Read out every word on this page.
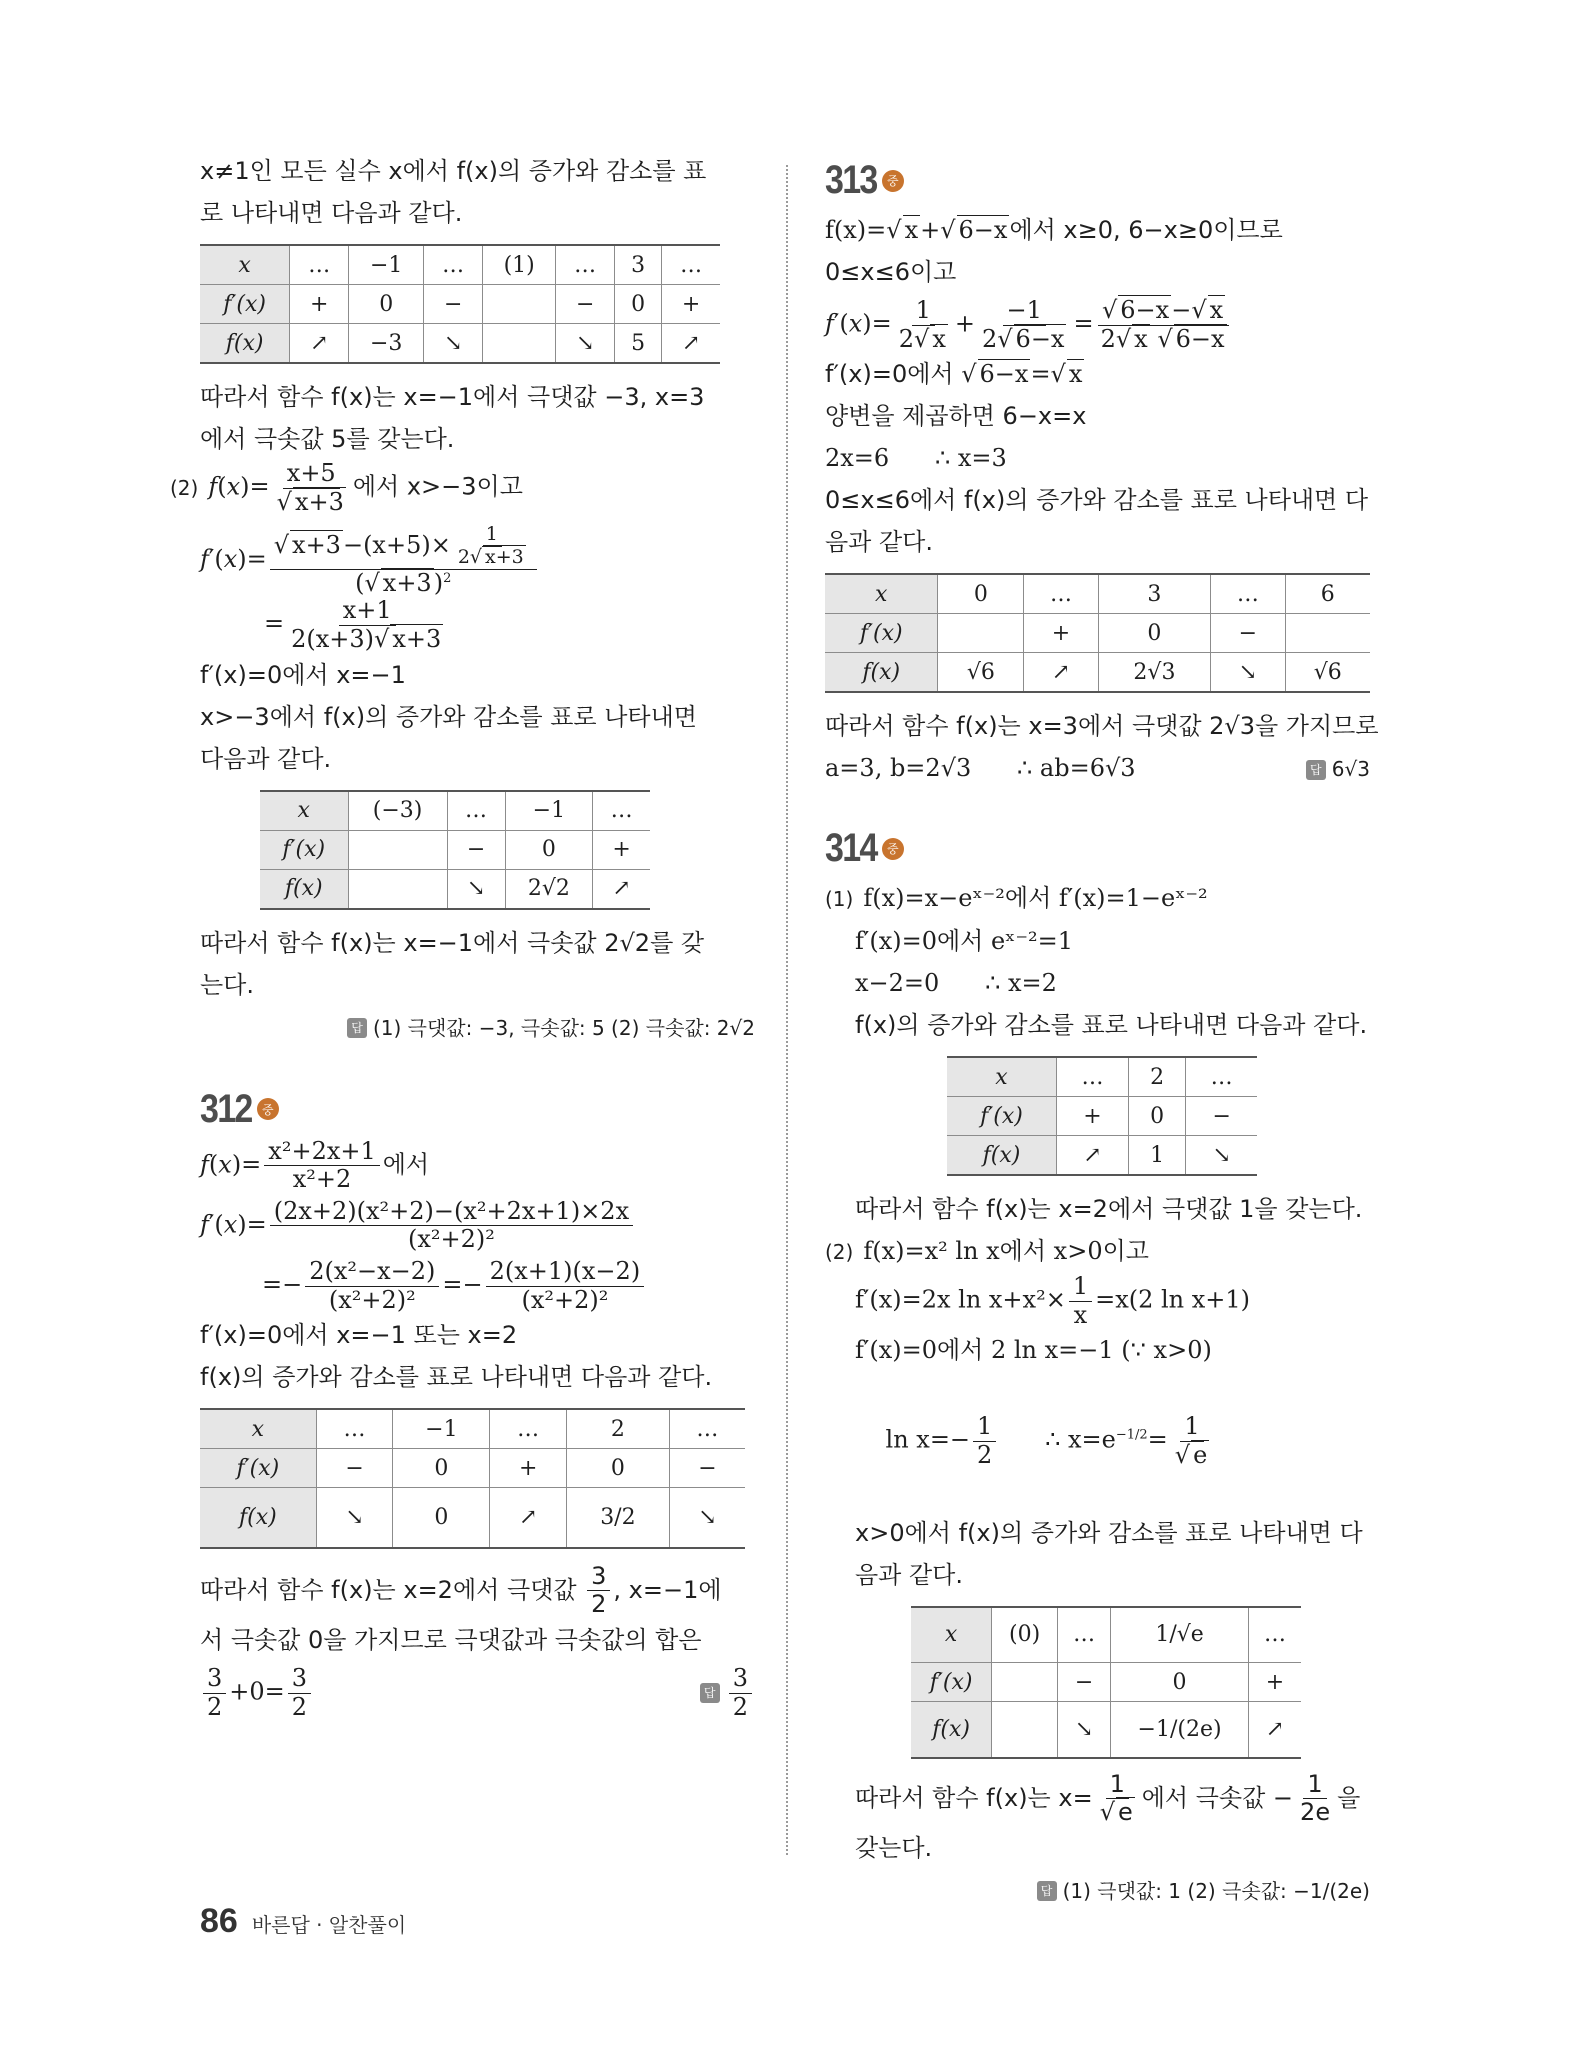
x≠1인 모든 실수 x에서 f(x)의 증가와 감소를 표
로 나타내면 다음과 같다.
x	…	−1	…	(1)	…	3	…
f′(x)	+	0	−		−	0	+
f(x)	↗	−3	↘		↘	5	↗
따라서 함수 f(x)는 x=−1에서 극댓값 −3, x=3
에서 극솟값 5를 갖는다.
(2) f(x)= x+5
√ x+3 에서 x>−3이고
f′(x)= √ $\frac{x+3-(x+5)\times \frac{1}{2 √ x+3}}{( √ x+3)^2}$
= $\frac{x+1}{2(x+3) √ x+3}$
f′(x)=0에서 x=−1
x>−3에서 f(x)의 증가와 감소를 표로 나타내면
다음과 같다.
x	(−3)	…	−1	…
f′(x)		−	0	+
f(x)		↘	2√2	↗
따라서 함수 f(x)는 x=−1에서 극솟값 2√2를 갖
는다.
답 (1) 극댓값: −3, 극솟값: 5 (2) 극솟값: 2√2
312 중
$f(x)= \frac{\text{x²+2x+1}}{\text{x²+2}}$ 에서
$f'(x)= \frac{\text{(2x+2)(x²+2)−(x²+2x+1)×2x}}{\text{(x²+2)²}}$
=− $\frac{\text{2(x²−x−2)}}{\text{(x²+2)²}} =- \frac{2(x+1)(x-2)}{\text{(x²+2)²}}$
f′(x)=0에서 x=−1 또는 x=2
f(x)의 증가와 감소를 표로 나타내면 다음과 같다.
x	…	−1	…	2	…
f′(x)	−	0	+	0	−
f(x)	↘	0	↗	3/2	↘
따라서 함수 f(x)는 x=2에서 극댓값 $\frac{3}{2}$ , x=−1에
서 극솟값 0을 가지므로 극댓값과 극솟값의 합은
$\frac{3}{2} +0= \frac{3}{2}$	답 $\frac{3}{2}$
313 중
f(x)= √ x+ √ 6−x에서 x≥0, 6−x≥0이므로
0≤x≤6이고
$f'(x)= \frac{1}{2 √ x} + \frac{-1}{2 √ 6-x}$ = √ $\frac{6-x- √ x}{2 √ x √ 6-x}$
f′(x)=0에서 √ 6−x= √ x
양변을 제곱하면 6−x=x
2x=6      ∴ x=3
0≤x≤6에서 f(x)의 증가와 감소를 표로 나타내면 다
음과 같다.
x	0	…	3	…	6
f′(x)		+	0	−	
f(x)	√6	↗	2√3	↘	√6
따라서 함수 f(x)는 x=3에서 극댓값 2√3을 가지므로
a=3, b=2√3      ∴ ab=6√3	답 6√3
314 중
(1) f(x)=x−eˣ⁻²에서 f′(x)=1−eˣ⁻²
f′(x)=0에서 eˣ⁻²=1
x−2=0      ∴ x=2
f(x)의 증가와 감소를 표로 나타내면 다음과 같다.
x	…	2	…
f′(x)	+	0	−
f(x)	↗	1	↘
따라서 함수 f(x)는 x=2에서 극댓값 1을 갖는다.
(2) f(x)=x² ln x에서 x>0이고
f′(x)=2x $\ln x+x^2\times \frac{1}{x} =x(2$ ln x+1)
f′(x)=0에서 2 ln x=−1 (∵ x>0)

$\ln x=- \frac{1}{2}$ ∴ $x=e^{-1/2}= 1$
√ e

x>0에서 f(x)의 증가와 감소를 표로 나타내면 다
음과 같다.
x	(0)	…	1/√e	…
f′(x)		−	0	+
f(x)		↘	−1/(2e)	↗
따라서 함수 f(x)는 x= 1
√ e 에서 극솟값 − $\frac{1}{2e}$ 을
갖는다.
답 (1) 극댓값: 1 (2) 극솟값: −1/(2e)
86 바른답 · 알찬풀이
